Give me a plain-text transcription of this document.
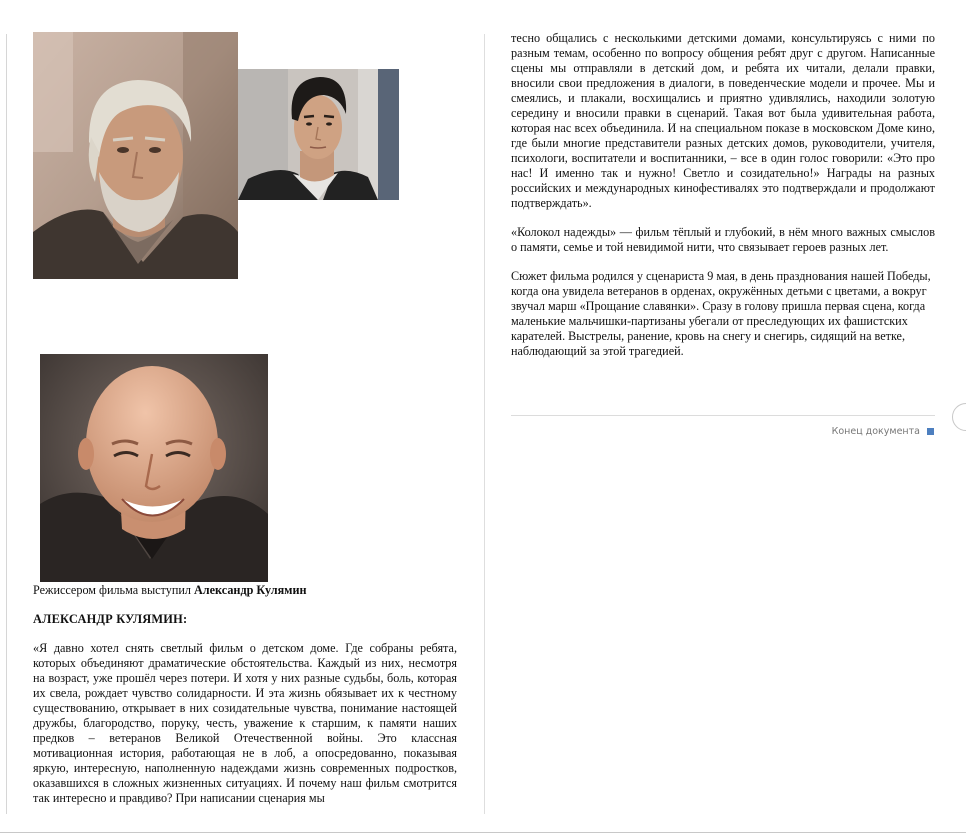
Режиссером фильма выступил Александр Кулямин
АЛЕКСАНДР КУЛЯМИН:
«Я давно хотел снять светлый фильм о детском доме. Где собраны ребята, которых объединяют драматические обстоятельства. Каждый из них, несмотря на возраст, уже прошёл через потери. И хотя у них разные судьбы, боль, которая их свела, рождает чувство солидарности. И эта жизнь обязывает их к честному существованию, открывает в них созидательные чувства, понимание настоящей дружбы, благородство, поруку, честь, уважение к старшим, к памяти наших предков – ветеранов Великой Отечественной войны. Это классная мотивационная история, работающая не в лоб, а опосредованно, показывая яркую, интересную, наполненную надеждами жизнь современных подростков, оказавшихся в сложных жизненных ситуациях. И почему наш фильм смотрится так интересно и правдиво? При написании сценария мы

тесно общались с несколькими детскими домами, консультируясь с ними по разным темам, особенно по вопросу общения ребят друг с другом. Написанные сцены мы отправляли в детский дом, и ребята их читали, делали правки, вносили свои предложения в диалоги, в поведенческие модели и прочее. Мы и смеялись, и плакали, восхищались и приятно удивлялись, находили золотую середину и вносили правки в сценарий. Такая вот была удивительная работа, которая нас всех объединила. И на специальном показе в московском Доме кино, где были многие представители разных детских домов, руководители, учителя, психологи, воспитатели и воспитанники, – все в один голос говорили: «Это про нас! И именно так и нужно! Светло и созидательно!» Награды на разных российских и международных кинофестивалях это подтверждали и продолжают подтверждать».

«Колокол надежды» — фильм тёплый и глубокий, в нём много важных смыслов о памяти, семье и той невидимой нити, что связывает героев разных лет.

Сюжет фильма родился у сценариста 9 мая, в день празднования нашей Победы, когда она увидела ветеранов в орденах, окружённых детьми с цветами, а вокруг звучал марш «Прощание славянки». Сразу в голову пришла первая сцена, когда маленькие мальчишки-партизаны убегали от преследующих их фашистских карателей. Выстрелы, ранение, кровь на снегу и снегирь, сидящий на ветке, наблюдающий за этой трагедией.

Конец документа
